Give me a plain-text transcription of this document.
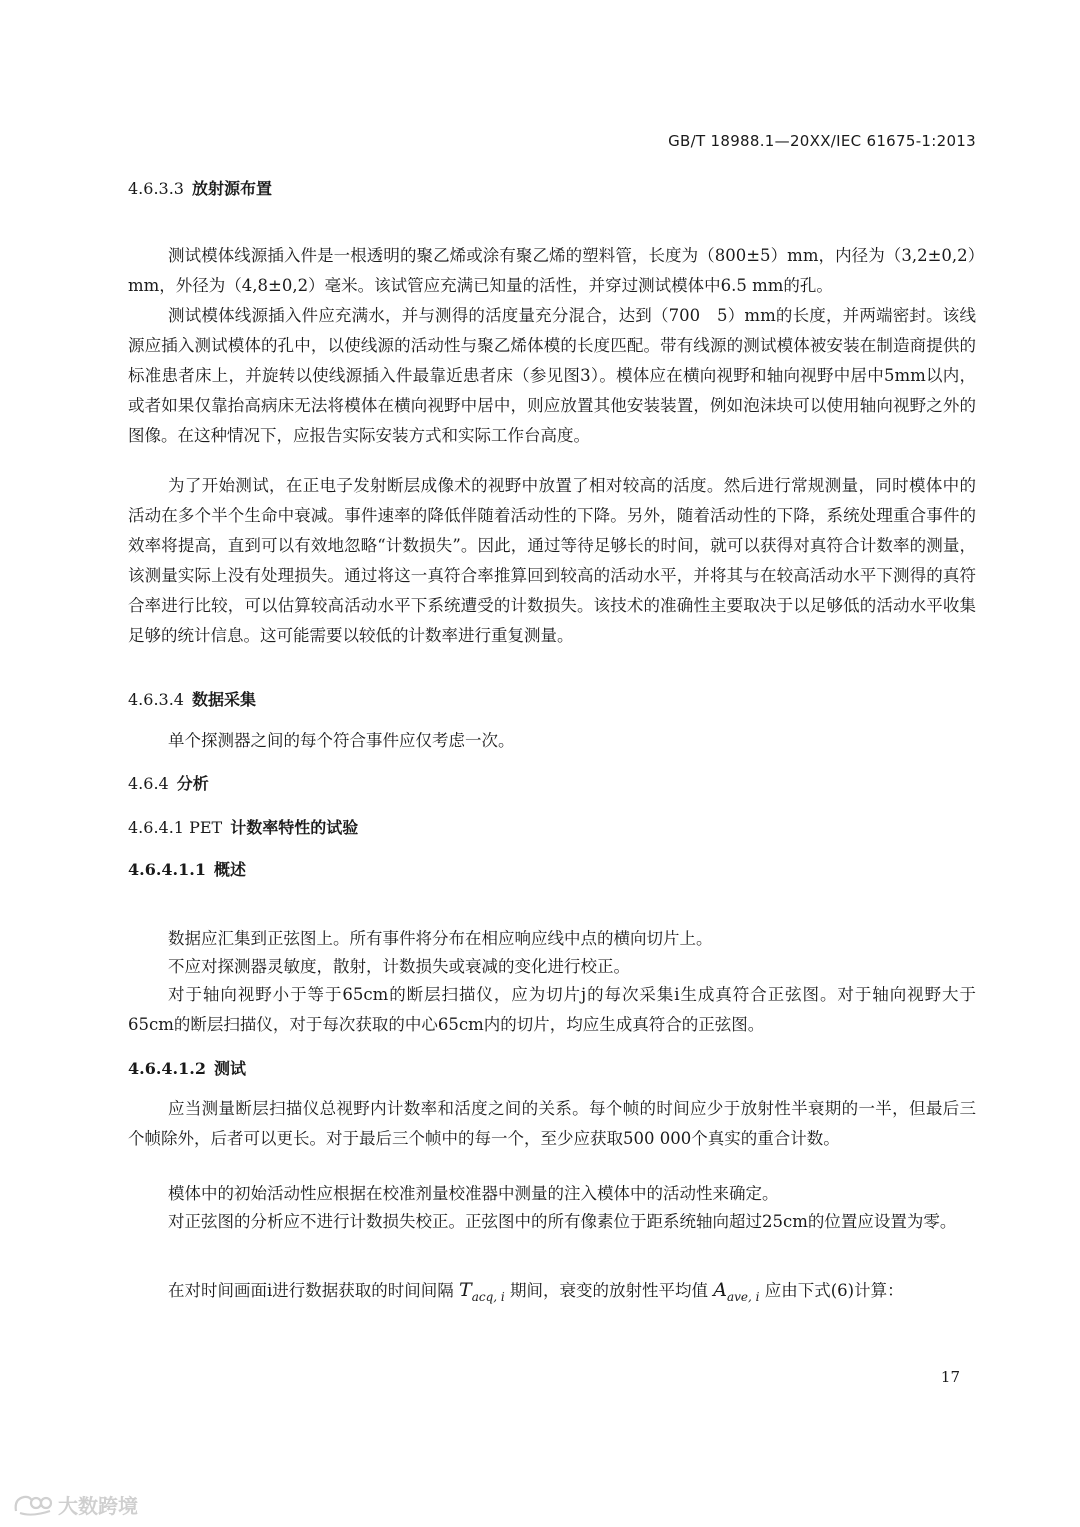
GB/T 18988.1—20XX/IEC 61675-1:2013
4.6.3.3 放射源布置

测试模体线源插入件是一根透明的聚乙烯或涂有聚乙烯的塑料管，长度为（800±5）mm，内径为（3,2±0,2）mm，外径为（4,8±0,2）毫米。该试管应充满已知量的活性，并穿过测试模体中6.5 mm的孔。

测试模体线源插入件应充满水，并与测得的活度量充分混合，达到（700　5）mm的长度，并两端密封。该线源应插入测试模体的孔中，以使线源的活动性与聚乙烯体模的长度匹配。带有线源的测试模体被安装在制造商提供的标准患者床上，并旋转以使线源插入件最靠近患者床（参见图3）。模体应在横向视野和轴向视野中居中5mm以内，或者如果仅靠抬高病床无法将模体在横向视野中居中，则应放置其他安装装置，例如泡沫块可以使用轴向视野之外的图像。在这种情况下，应报告实际安装方式和实际工作台高度。

为了开始测试，在正电子发射断层成像术的视野中放置了相对较高的活度。然后进行常规测量，同时模体中的活动在多个半个生命中衰减。事件速率的降低伴随着活动性的下降。另外，随着活动性的下降，系统处理重合事件的效率将提高，直到可以有效地忽略“计数损失”。因此，通过等待足够长的时间，就可以获得对真符合计数率的测量，该测量实际上没有处理损失。通过将这一真符合率推算回到较高的活动水平，并将其与在较高活动水平下测得的真符合率进行比较，可以估算较高活动水平下系统遭受的计数损失。该技术的准确性主要取决于以足够低的活动水平收集足够的统计信息。这可能需要以较低的计数率进行重复测量。

4.6.3.4 数据采集

单个探测器之间的每个符合事件应仅考虑一次。

4.6.4 分析
4.6.4.1 PET 计数率特性的试验
4.6.4.1.1 概述

数据应汇集到正弦图上。所有事件将分布在相应响应线中点的横向切片上。

不应对探测器灵敏度，散射，计数损失或衰减的变化进行校正。

对于轴向视野小于等于65cm的断层扫描仪，应为切片j的每次采集i生成真符合正弦图。对于轴向视野大于65cm的断层扫描仪，对于每次获取的中心65cm内的切片，均应生成真符合的正弦图。

4.6.4.1.2 测试

应当测量断层扫描仪总视野内计数率和活度之间的关系。每个帧的时间应少于放射性半衰期的一半，但最后三个帧除外，后者可以更长。对于最后三个帧中的每一个，至少应获取500 000个真实的重合计数。

模体中的初始活动性应根据在校准剂量校准器中测量的注入模体中的活动性来确定。

对正弦图的分析应不进行计数损失校正。正弦图中的所有像素位于距系统轴向超过25cm的位置应设置为零。

在对时间画面i进行数据获取的时间间隔 $T_{acq, i}$ 期间，衰变的放射性平均值 $A_{ave, i}$ 应由下式(6)计算：
17
大数跨境
